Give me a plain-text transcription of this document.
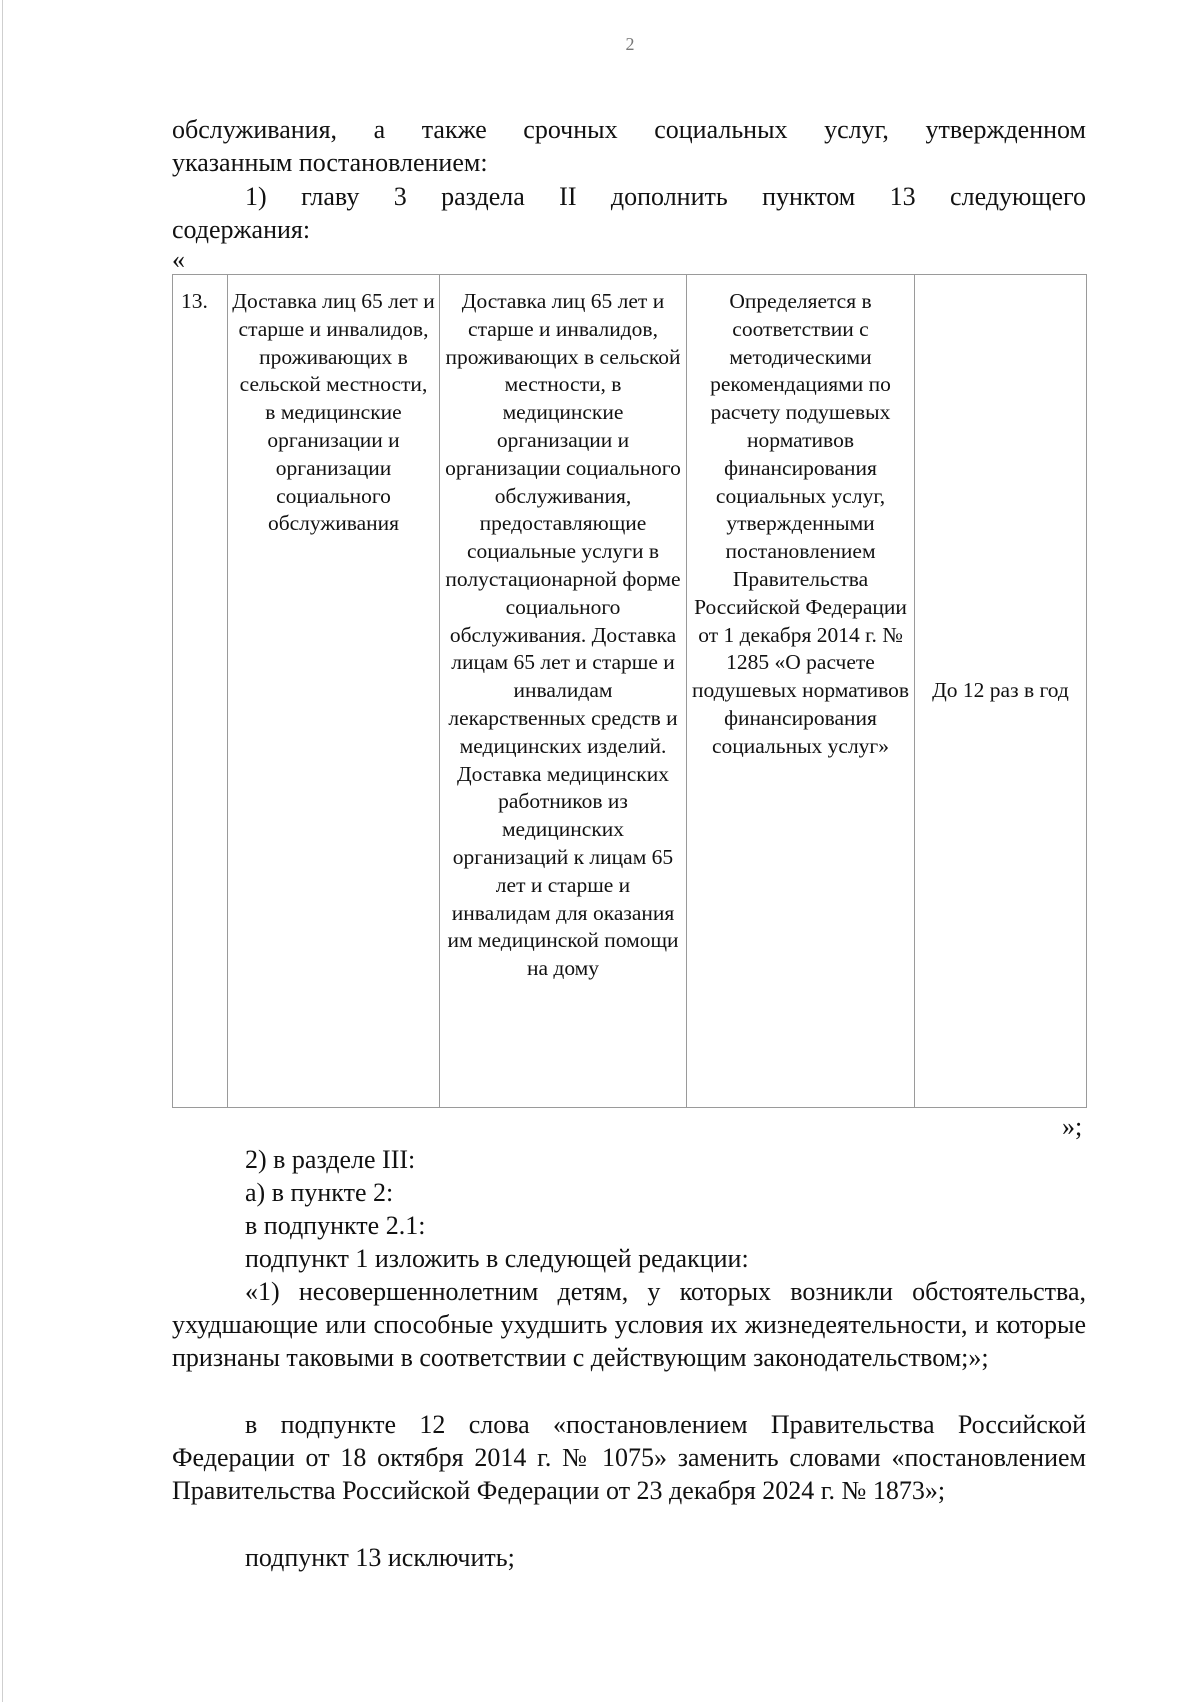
2
обслуживания, а также срочных социальных услуг, утвержденном
указанным постановлением:
1) главу 3 раздела II дополнить пунктом 13 следующего
содержания:
«
13.	Доставка лиц 65 лет и старше и инвалидов, проживающих в сельской местности, в медицинские организации и организации социального обслуживания	Доставка лиц 65 лет и старше и инвалидов, проживающих в сельской местности, в медицинские организации и организации социального обслуживания, предоставляющие социальные услуги в полустационарной форме социального обслуживания. Доставка лицам 65 лет и старше и инвалидам лекарственных средств и медицинских изделий. Доставка медицинских работников из медицинских организаций к лицам 65 лет и старше и инвалидам для оказания им медицинской помощи на дому	Определяется в соответствии с методическими рекомендациями по расчету подушевых нормативов финансирования социальных услуг, утвержденными постановлением Правительства Российской Федерации от 1 декабря 2014 г. № 1285 «О расчете подушевых нормативов финансирования социальных услуг»	До 12 раз в год
»;
2) в разделе III:
а) в пункте 2:
в подпункте 2.1:
подпункт 1 изложить в следующей редакции:
«1) несовершеннолетним детям, у которых возникли обстоятельства, ухудшающие или способные ухудшить условия их жизнедеятельности, и которые признаны таковыми в соответствии с действующим законодательством;»;
в подпункте 12 слова «постановлением Правительства Российской Федерации от 18 октября 2014 г. № 1075» заменить словами «постановлением Правительства Российской Федерации от 23 декабря 2024 г. № 1873»;
подпункт 13 исключить;
